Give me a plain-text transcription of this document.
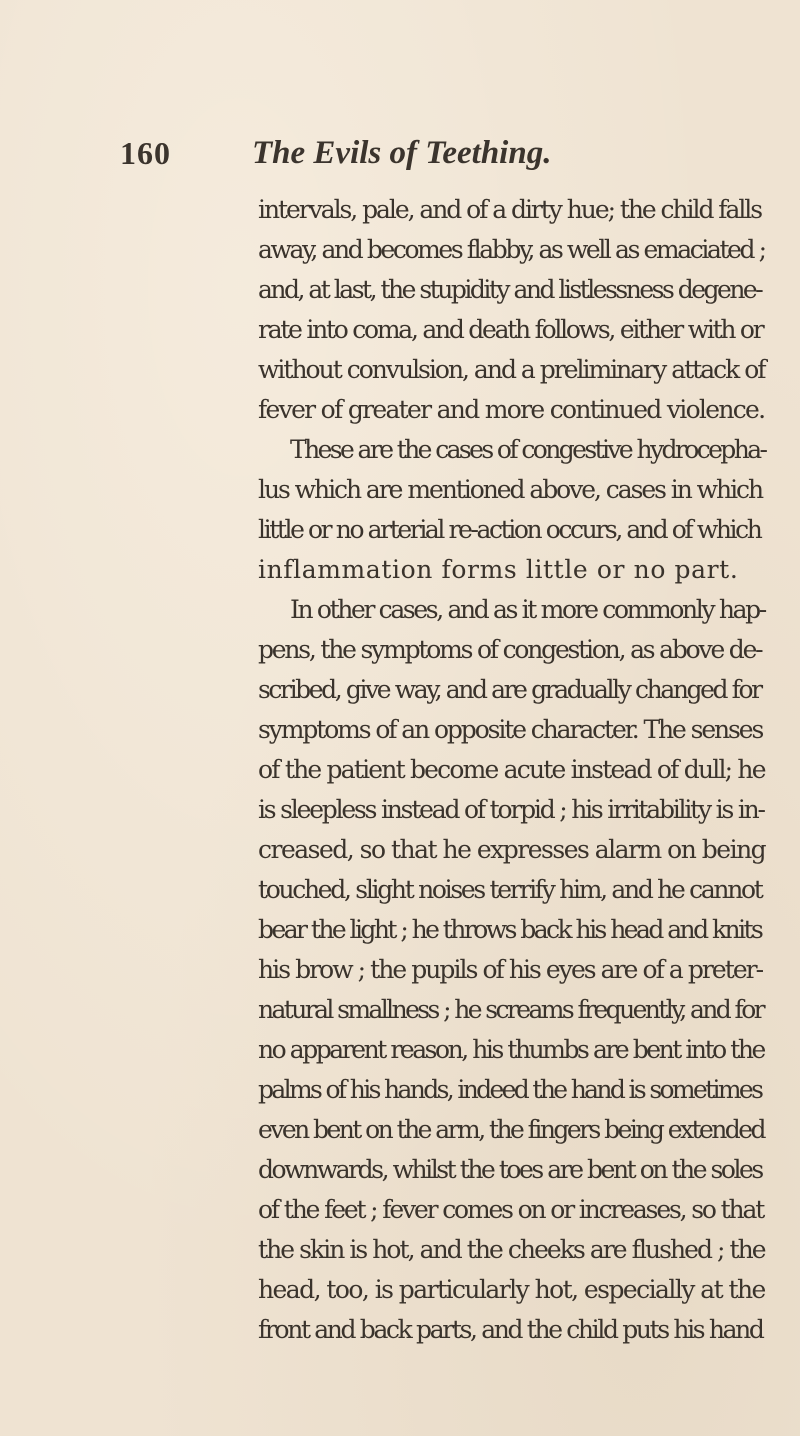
160 The Evils of Teething.
intervals, pale, and of a dirty hue; the child falls
away, and becomes flabby, as well as emaciated ;
and, at last, the stupidity and listlessness degene-
rate into coma, and death follows, either with or
without convulsion, and a preliminary attack of
fever of greater and more continued violence.
These are the cases of congestive hydrocepha-
lus which are mentioned above, cases in which
little or no arterial re-action occurs, and of which
inflammation forms little or no part.
In other cases, and as it more commonly hap-
pens, the symptoms of congestion, as above de-
scribed, give way, and are gradually changed for
symptoms of an opposite character. The senses
of the patient become acute instead of dull; he
is sleepless instead of torpid ; his irritability is in-
creased, so that he expresses alarm on being
touched, slight noises terrify him, and he cannot
bear the light ; he throws back his head and knits
his brow ; the pupils of his eyes are of a preter-
natural smallness ; he screams frequently, and for
no apparent reason, his thumbs are bent into the
palms of his hands, indeed the hand is sometimes
even bent on the arm, the fingers being extended
downwards, whilst the toes are bent on the soles
of the feet ; fever comes on or increases, so that
the skin is hot, and the cheeks are flushed ; the
head, too, is particularly hot, especially at the
front and back parts, and the child puts his hand
